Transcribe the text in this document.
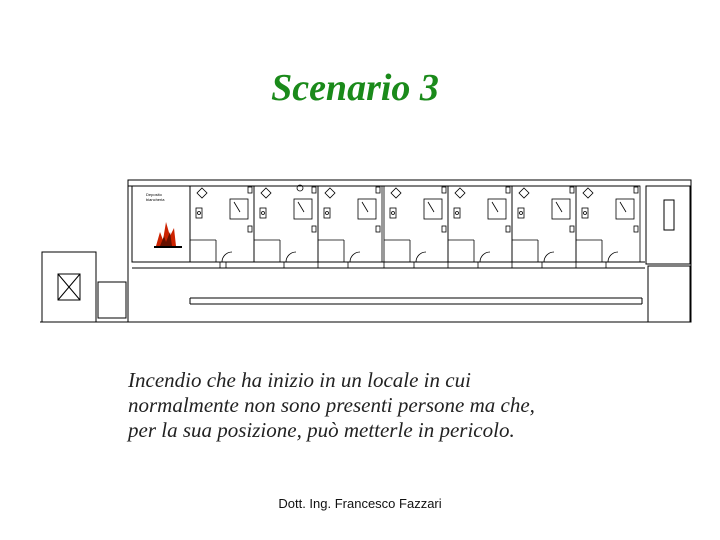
Scenario 3
Deposito
biancheria
Incendio che ha inizio in un locale in cui
normalmente non sono presenti persone ma che,
per la sua posizione, può metterle in pericolo.
Dott. Ing. Francesco Fazzari
